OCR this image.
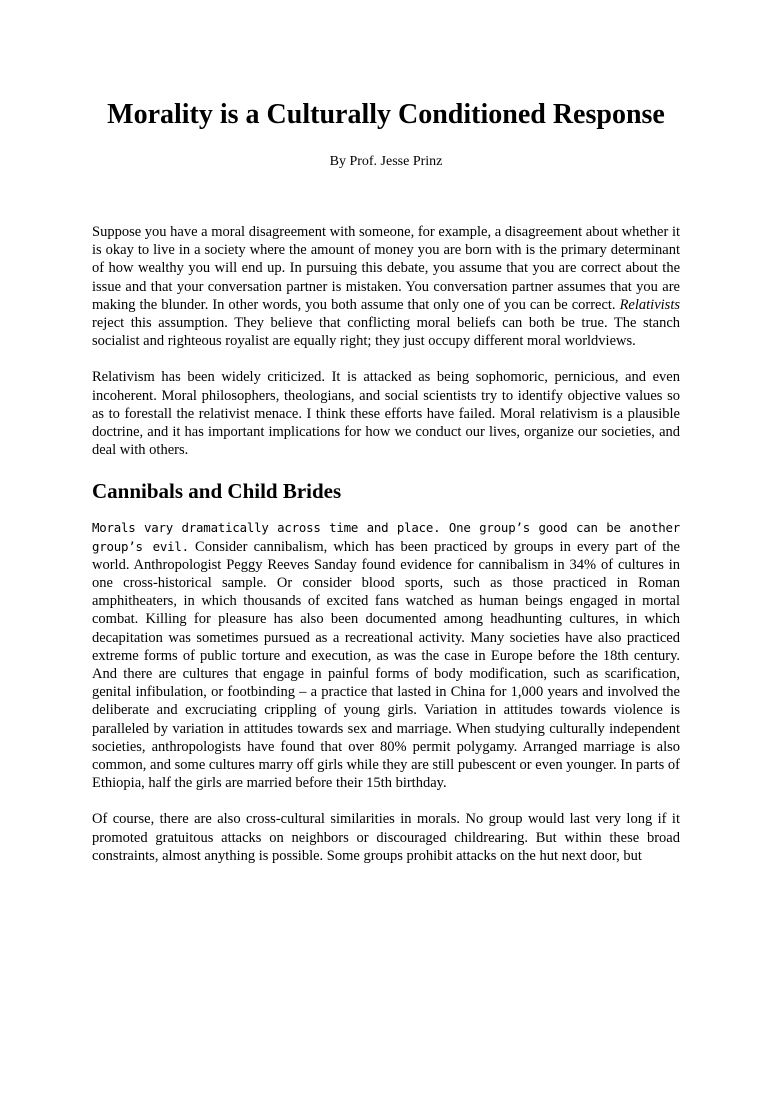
Morality is a Culturally Conditioned Response
By Prof. Jesse Prinz

Suppose you have a moral disagreement with someone, for example, a disagreement about whether it is okay to live in a society where the amount of money you are born with is the primary determinant of how wealthy you will end up. In pursuing this debate, you assume that you are correct about the issue and that your conversation partner is mistaken. You conversation partner assumes that you are making the blunder. In other words, you both assume that only one of you can be correct. Relativists reject this assumption. They believe that conflicting moral beliefs can both be true. The stanch socialist and righteous royalist are equally right; they just occupy different moral worldviews.

Relativism has been widely criticized. It is attacked as being sophomoric, pernicious, and even incoherent. Moral philosophers, theologians, and social scientists try to identify objective values so as to forestall the relativist menace. I think these efforts have failed. Moral relativism is a plausible doctrine, and it has important implications for how we conduct our lives, organize our societies, and deal with others.

Cannibals and Child Brides

Morals vary dramatically across time and place. One group’s good can be another group’s evil. Consider cannibalism, which has been practiced by groups in every part of the world. Anthropologist Peggy Reeves Sanday found evidence for cannibalism in 34% of cultures in one cross-historical sample. Or consider blood sports, such as those practiced in Roman amphitheaters, in which thousands of excited fans watched as human beings engaged in mortal combat. Killing for pleasure has also been documented among headhunting cultures, in which decapitation was sometimes pursued as a recreational activity. Many societies have also practiced extreme forms of public torture and execution, as was the case in Europe before the 18th century. And there are cultures that engage in painful forms of body modification, such as scarification, genital infibulation, or footbinding – a practice that lasted in China for 1,000 years and involved the deliberate and excruciating crippling of young girls. Variation in attitudes towards violence is paralleled by variation in attitudes towards sex and marriage. When studying culturally independent societies, anthropologists have found that over 80% permit polygamy. Arranged marriage is also common, and some cultures marry off girls while they are still pubescent or even younger. In parts of Ethiopia, half the girls are married before their 15th birthday.

Of course, there are also cross-cultural similarities in morals. No group would last very long if it promoted gratuitous attacks on neighbors or discouraged childrearing. But within these broad constraints, almost anything is possible. Some groups prohibit attacks on the hut next door, but
